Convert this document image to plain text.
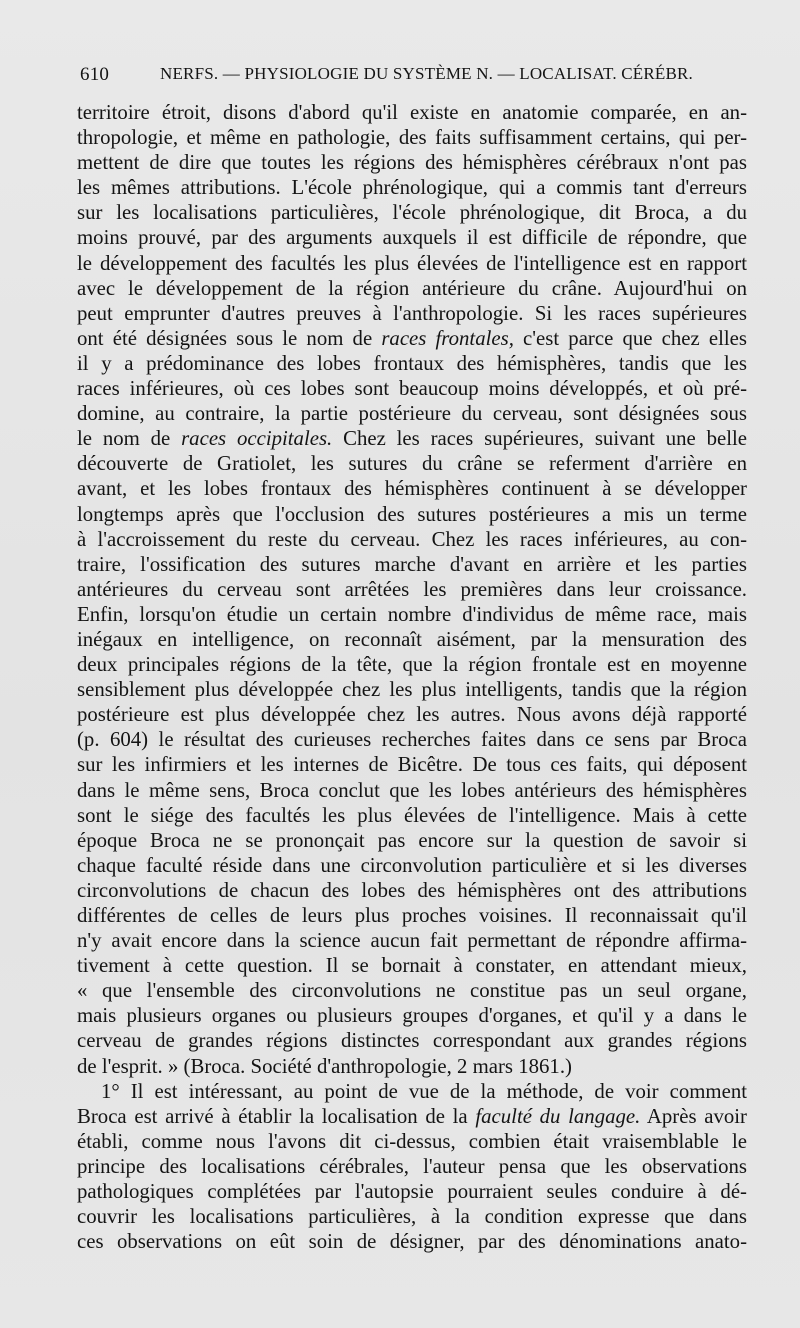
610	NERFS. — PHYSIOLOGIE DU SYSTÈME N. — LOCALISAT. CÉRÉBR.
territoire étroit, disons d'abord qu'il existe en anatomie comparée, en an-
thropologie, et même en pathologie, des faits suffisamment certains, qui per-
mettent de dire que toutes les régions des hémisphères cérébraux n'ont pas
les mêmes attributions. L'école phrénologique, qui a commis tant d'erreurs
sur les localisations particulières, l'école phrénologique, dit Broca, a du
moins prouvé, par des arguments auxquels il est difficile de répondre, que
le développement des facultés les plus élevées de l'intelligence est en rapport
avec le développement de la région antérieure du crâne. Aujourd'hui on
peut emprunter d'autres preuves à l'anthropologie. Si les races supérieures
ont été désignées sous le nom de races frontales, c'est parce que chez elles
il y a prédominance des lobes frontaux des hémisphères, tandis que les
races inférieures, où ces lobes sont beaucoup moins développés, et où pré-
domine, au contraire, la partie postérieure du cerveau, sont désignées sous
le nom de races occipitales. Chez les races supérieures, suivant une belle
découverte de Gratiolet, les sutures du crâne se referment d'arrière en
avant, et les lobes frontaux des hémisphères continuent à se développer
longtemps après que l'occlusion des sutures postérieures a mis un terme
à l'accroissement du reste du cerveau. Chez les races inférieures, au con-
traire, l'ossification des sutures marche d'avant en arrière et les parties
antérieures du cerveau sont arrêtées les premières dans leur croissance.
Enfin, lorsqu'on étudie un certain nombre d'individus de même race, mais
inégaux en intelligence, on reconnaît aisément, par la mensuration des
deux principales régions de la tête, que la région frontale est en moyenne
sensiblement plus développée chez les plus intelligents, tandis que la région
postérieure est plus développée chez les autres. Nous avons déjà rapporté
(p. 604) le résultat des curieuses recherches faites dans ce sens par Broca
sur les infirmiers et les internes de Bicêtre. De tous ces faits, qui déposent
dans le même sens, Broca conclut que les lobes antérieurs des hémisphères
sont le siége des facultés les plus élevées de l'intelligence. Mais à cette
époque Broca ne se prononçait pas encore sur la question de savoir si
chaque faculté réside dans une circonvolution particulière et si les diverses
circonvolutions de chacun des lobes des hémisphères ont des attributions
différentes de celles de leurs plus proches voisines. Il reconnaissait qu'il
n'y avait encore dans la science aucun fait permettant de répondre affirma-
tivement à cette question. Il se bornait à constater, en attendant mieux,
« que l'ensemble des circonvolutions ne constitue pas un seul organe,
mais plusieurs organes ou plusieurs groupes d'organes, et qu'il y a dans le
cerveau de grandes régions distinctes correspondant aux grandes régions
de l'esprit. » (Broca. Société d'anthropologie, 2 mars 1861.)
1° Il est intéressant, au point de vue de la méthode, de voir comment
Broca est arrivé à établir la localisation de la faculté du langage. Après avoir
établi, comme nous l'avons dit ci-dessus, combien était vraisemblable le
principe des localisations cérébrales, l'auteur pensa que les observations
pathologiques complétées par l'autopsie pourraient seules conduire à dé-
couvrir les localisations particulières, à la condition expresse que dans
ces observations on eût soin de désigner, par des dénominations anato-
